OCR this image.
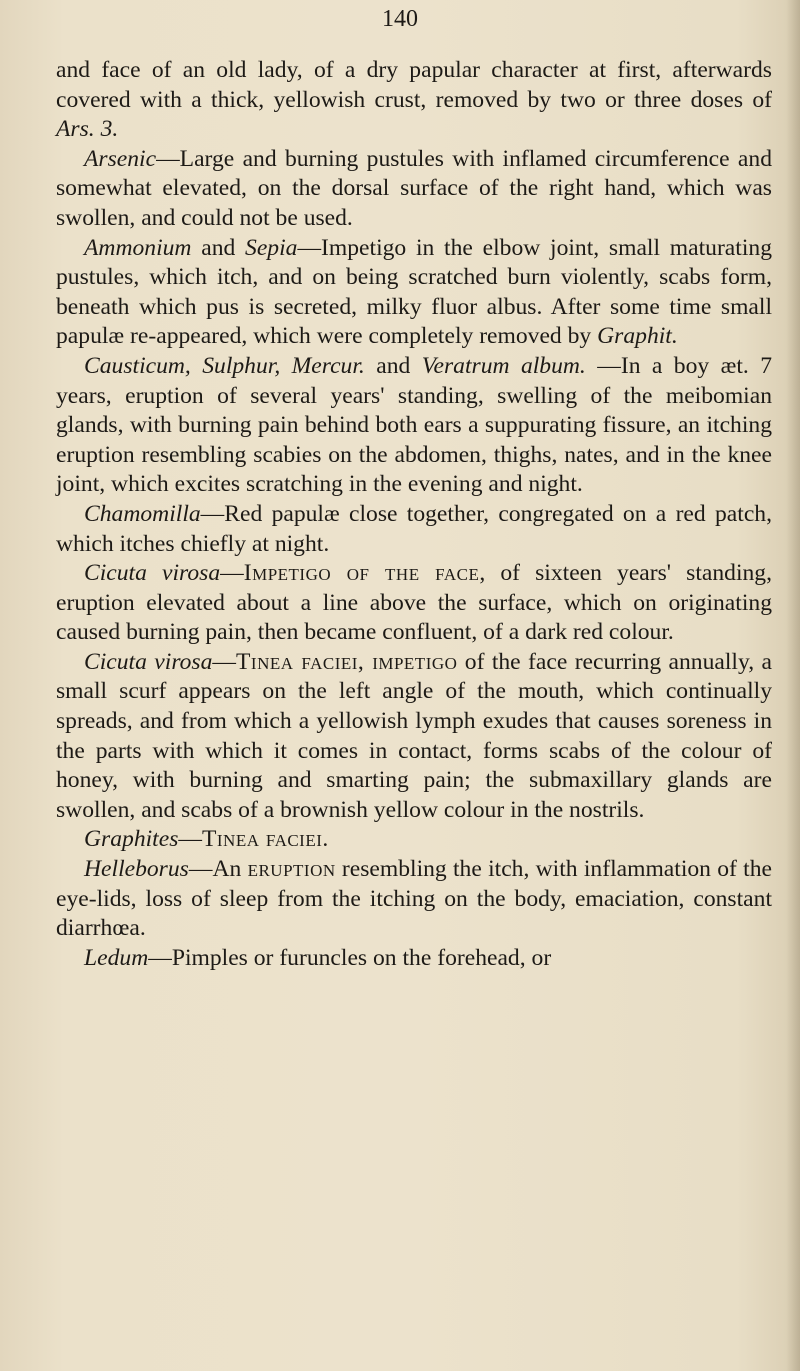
140

and face of an old lady, of a dry papular character at first, afterwards covered with a thick, yellowish crust, removed by two or three doses of Ars. 3.

Arsenic—Large and burning pustules with inflamed circumference and somewhat elevated, on the dorsal surface of the right hand, which was swollen, and could not be used.

Ammonium and Sepia—Impetigo in the elbow joint, small maturating pustules, which itch, and on being scratched burn violently, scabs form, beneath which pus is secreted, milky fluor albus. After some time small papulæ re-appeared, which were completely removed by Graphit.

Causticum, Sulphur, Mercur. and Veratrum album. —In a boy æt. 7 years, eruption of several years' standing, swelling of the meibomian glands, with burning pain behind both ears a suppurating fissure, an itching eruption resembling scabies on the abdomen, thighs, nates, and in the knee joint, which excites scratching in the evening and night.

Chamomilla—Red papulæ close together, congregated on a red patch, which itches chiefly at night.

Cicuta virosa—Impetigo of the face, of sixteen years' standing, eruption elevated about a line above the surface, which on originating caused burning pain, then became confluent, of a dark red colour.

Cicuta virosa—Tinea faciei, impetigo of the face recurring annually, a small scurf appears on the left angle of the mouth, which continually spreads, and from which a yellowish lymph exudes that causes soreness in the parts with which it comes in contact, forms scabs of the colour of honey, with burning and smarting pain; the submaxillary glands are swollen, and scabs of a brownish yellow colour in the nostrils.

Graphites—Tinea faciei.

Helleborus—An eruption resembling the itch, with inflammation of the eye-lids, loss of sleep from the itching on the body, emaciation, constant diarrhœa.

Ledum—Pimples or furuncles on the forehead, or
